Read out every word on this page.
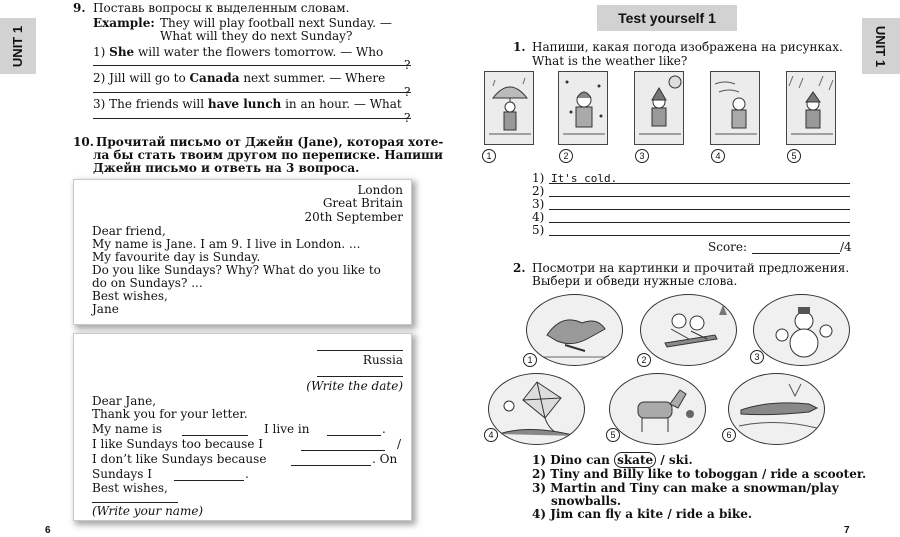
UNIT 1
9. Поставь вопросы к выделенным словам.
Example: They will play football next Sunday. —
What will they do next Sunday?
1) She will water the flowers tomorrow. — Who
?
2) Jill will go to Canada next summer. — Where
?
3) The friends will have lunch in an hour. — What
?
10. Прочитай письмо от Джейн (Jane), которая хоте-
ла бы стать твоим другом по переписке. Напиши
Джейн письмо и ответь на 3 вопроса.
London
Great Britain
20th September
Dear friend,
My name is Jane. I am 9. I live in London. ...
My favourite day is Sunday.
Do you like Sundays? Why? What do you like to
do on Sundays? ...
Best wishes,
Jane
Russia
(Write the date)
Dear Jane,
Thank you for your letter.
My name is	I live in	.
I like Sundays too because I	/
I don’t like Sundays because	. On
Sundays I	.
Best wishes,
(Write your name)
6
Test yourself 1
UNIT 1
1. Напиши, какая погода изображена на рисунках.
What is the weather like?
1	2	3	4	5
1) It's cold.
2)
3)
4)
5)
Score:	/4
2. Посмотри на картинки и прочитай предложения.
Выбери и обведи нужные слова.
1	2	3
4	5	6
1) Dino can skate / ski.
2) Tiny and Billy like to toboggan / ride a scooter.
3) Martin and Tiny can make a snowman/play
snowballs.
4) Jim can fly a kite / ride a bike.
7
